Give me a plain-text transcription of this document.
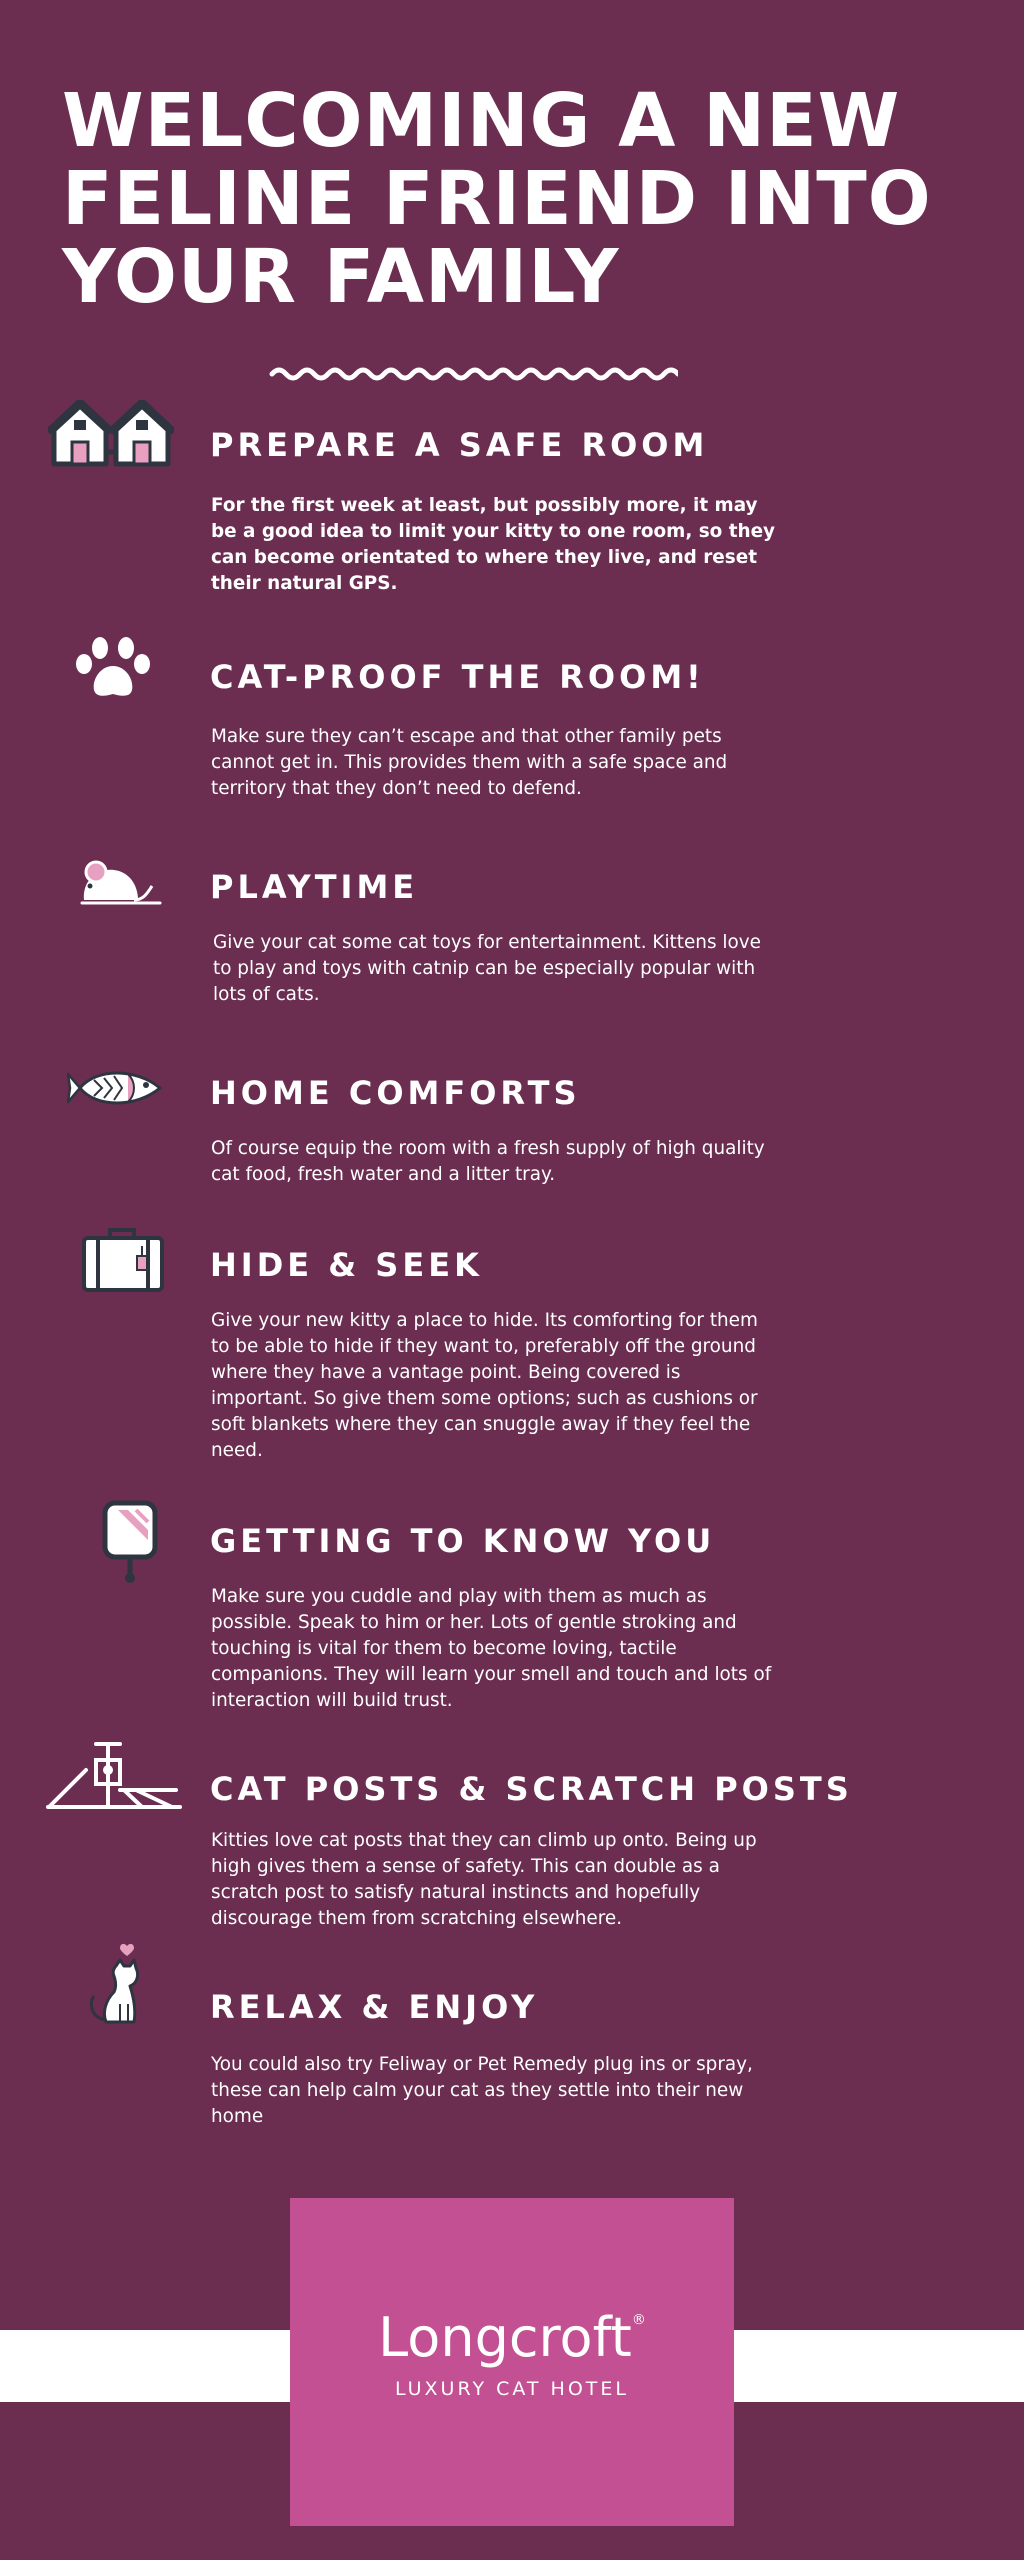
WELCOMING A NEW FELINE FRIEND INTO YOUR FAMILY
PREPARE A SAFE ROOM

For the first week at least, but possibly more, it may be a good idea to limit your kitty to one room, so they can become orientated to where they live, and reset their natural GPS.

CAT-PROOF THE ROOM!

Make sure they can’t escape and that other family pets cannot get in. This provides them with a safe space and territory that they don’t need to defend.

PLAYTIME

Give your cat some cat toys for entertainment. Kittens love to play and toys with catnip can be especially popular with lots of cats.

HOME COMFORTS

Of course equip the room with a fresh supply of high quality cat food, fresh water and a litter tray.

HIDE & SEEK

Give your new kitty a place to hide. Its comforting for them to be able to hide if they want to, preferably off the ground where they have a vantage point. Being covered is important. So give them some options; such as cushions or soft blankets where they can snuggle away if they feel the need.

GETTING TO KNOW YOU

Make sure you cuddle and play with them as much as possible. Speak to him or her. Lots of gentle stroking and touching is vital for them to become loving, tactile companions. They will learn your smell and touch and lots of interaction will build trust.

CAT POSTS & SCRATCH POSTS

Kitties love cat posts that they can climb up onto. Being up high gives them a sense of safety. This can double as a scratch post to satisfy natural instincts and hopefully discourage them from scratching elsewhere.

RELAX & ENJOY

You could also try Feliway or Pet Remedy plug ins or spray, these can help calm your cat as they settle into their new home

Longcroft®
LUXURY CAT HOTEL
